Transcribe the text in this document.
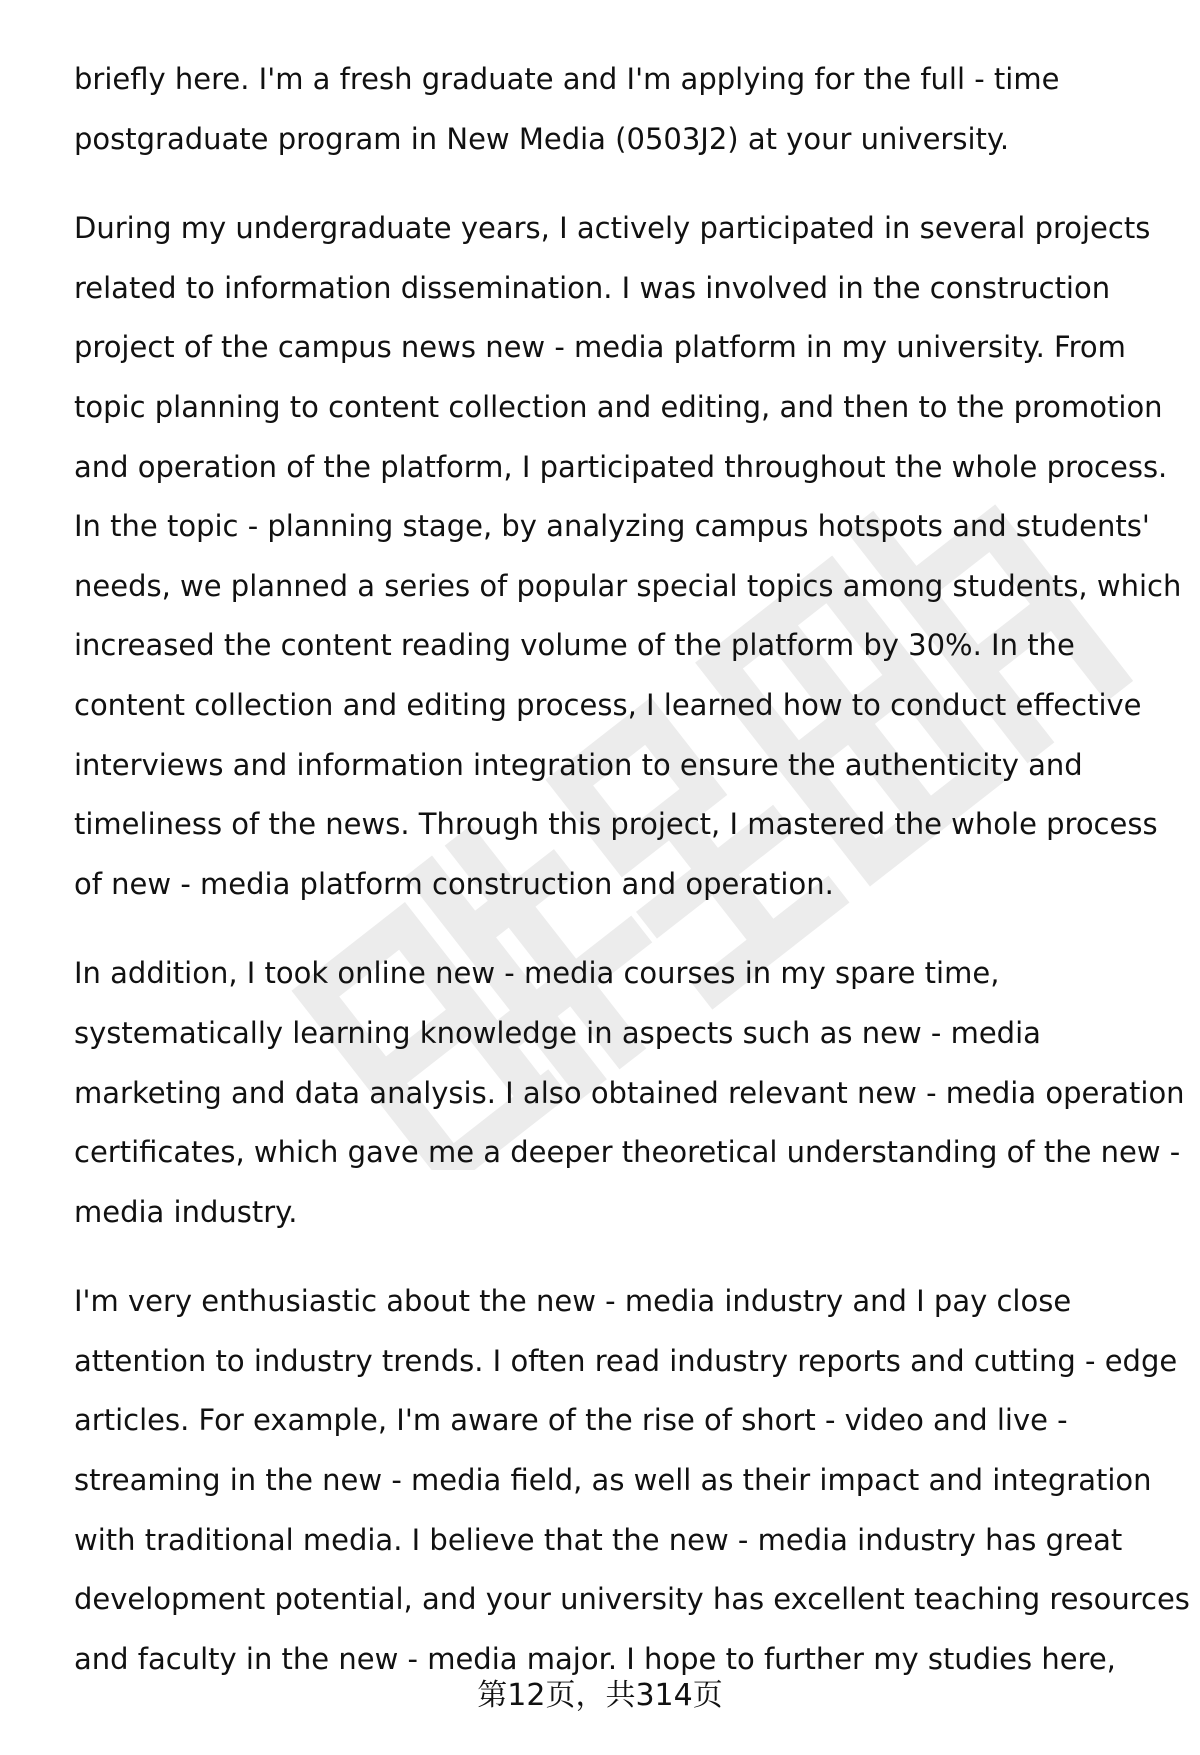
briefly here. I'm a fresh graduate and I'm applying for the full - time
postgraduate program in New Media (0503J2) at your university.
During my undergraduate years, I actively participated in several projects
related to information dissemination. I was involved in the construction
project of the campus news new - media platform in my university. From
topic planning to content collection and editing, and then to the promotion
and operation of the platform, I participated throughout the whole process.
In the topic - planning stage, by analyzing campus hotspots and students'
needs, we planned a series of popular special topics among students, which
increased the content reading volume of the platform by 30%. In the
content collection and editing process, I learned how to conduct effective
interviews and information integration to ensure the authenticity and
timeliness of the news. Through this project, I mastered the whole process
of new - media platform construction and operation.
In addition, I took online new - media courses in my spare time,
systematically learning knowledge in aspects such as new - media
marketing and data analysis. I also obtained relevant new - media operation
certificates, which gave me a deeper theoretical understanding of the new -
media industry.
I'm very enthusiastic about the new - media industry and I pay close
attention to industry trends. I often read industry reports and cutting - edge
articles. For example, I'm aware of the rise of short - video and live -
streaming in the new - media field, as well as their impact and integration
with traditional media. I believe that the new - media industry has great
development potential, and your university has excellent teaching resources
and faculty in the new - media major. I hope to further my studies here,
第12页，共314页
